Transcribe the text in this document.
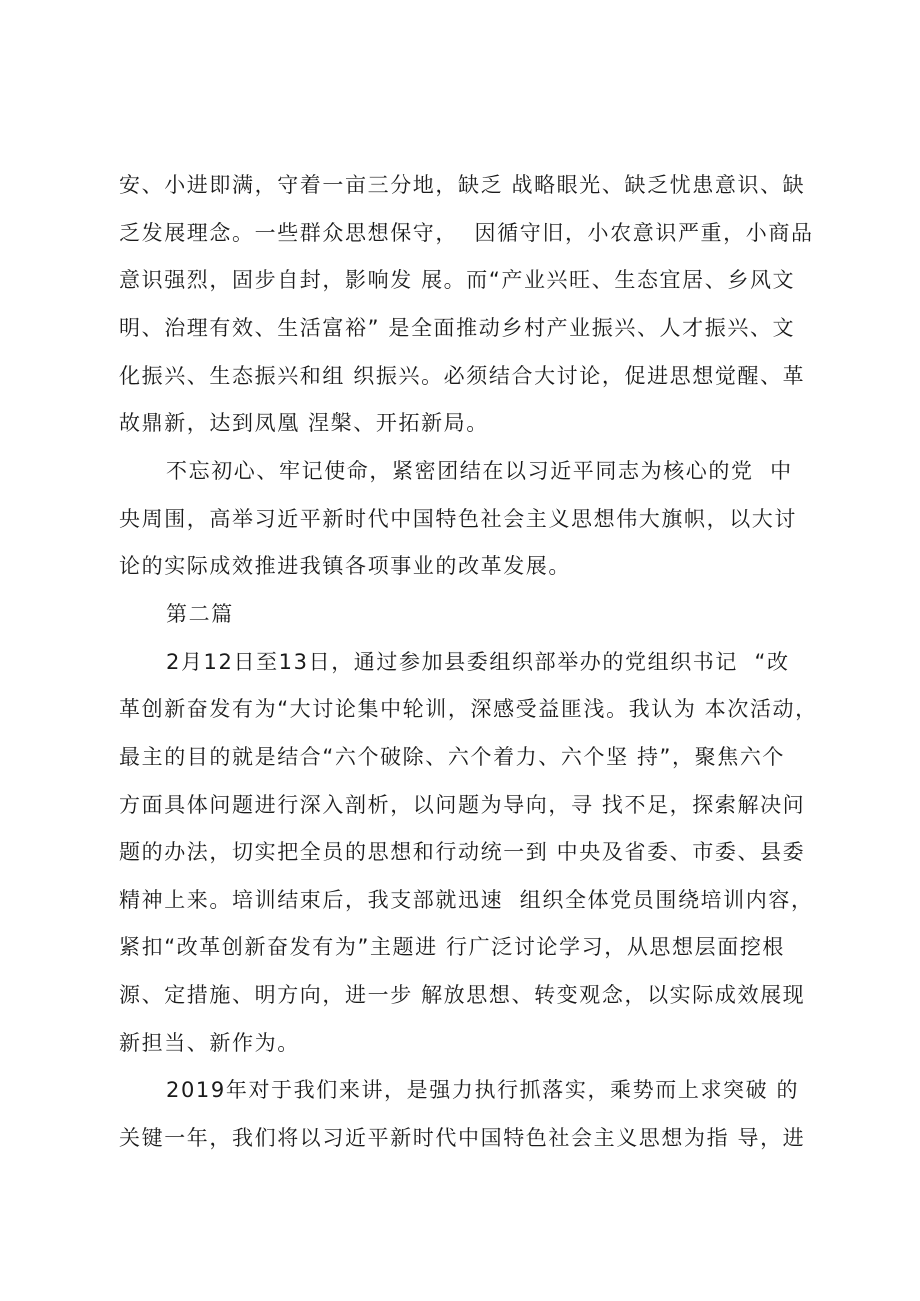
安、小进即满，守着一亩三分地，缺乏 战略眼光、缺乏忧患意识、缺
乏发展理念。一些群众思想保守，  因循守旧，小农意识严重，小商品
意识强烈，固步自封，影响发 展。而“产业兴旺、生态宜居、乡风文
明、治理有效、生活富裕” 是全面推动乡村产业振兴、人才振兴、文
化振兴、生态振兴和组 织振兴。必须结合大讨论，促进思想觉醒、革
故鼎新，达到凤凰 涅槃、开拓新局。
不忘初心、牢记使命，紧密团结在以习近平同志为核心的党  中
央周围，高举习近平新时代中国特色社会主义思想伟大旗帜，以大讨
论的实际成效推进我镇各项事业的改革发展。
第二篇
2月12日至13日，通过参加县委组织部举办的党组织书记  “改
革创新奋发有为“大讨论集中轮训，深感受益匪浅。我认为 本次活动，
最主的目的就是结合“六个破除、六个着力、六个坚 持”，聚焦六个
方面具体问题进行深入剖析，以问题为导向，寻 找不足，探索解决问
题的办法，切实把全员的思想和行动统一到 中央及省委、市委、县委
精神上来。培训结束后，我支部就迅速  组织全体党员围绕培训内容，
紧扣“改革创新奋发有为”主题进 行广泛讨论学习，从思想层面挖根
源、定措施、明方向，进一步 解放思想、转变观念，以实际成效展现
新担当、新作为。
2019年对于我们来讲，是强力执行抓落实，乘势而上求突破 的
关键一年，我们将以习近平新时代中国特色社会主义思想为指 导，进
